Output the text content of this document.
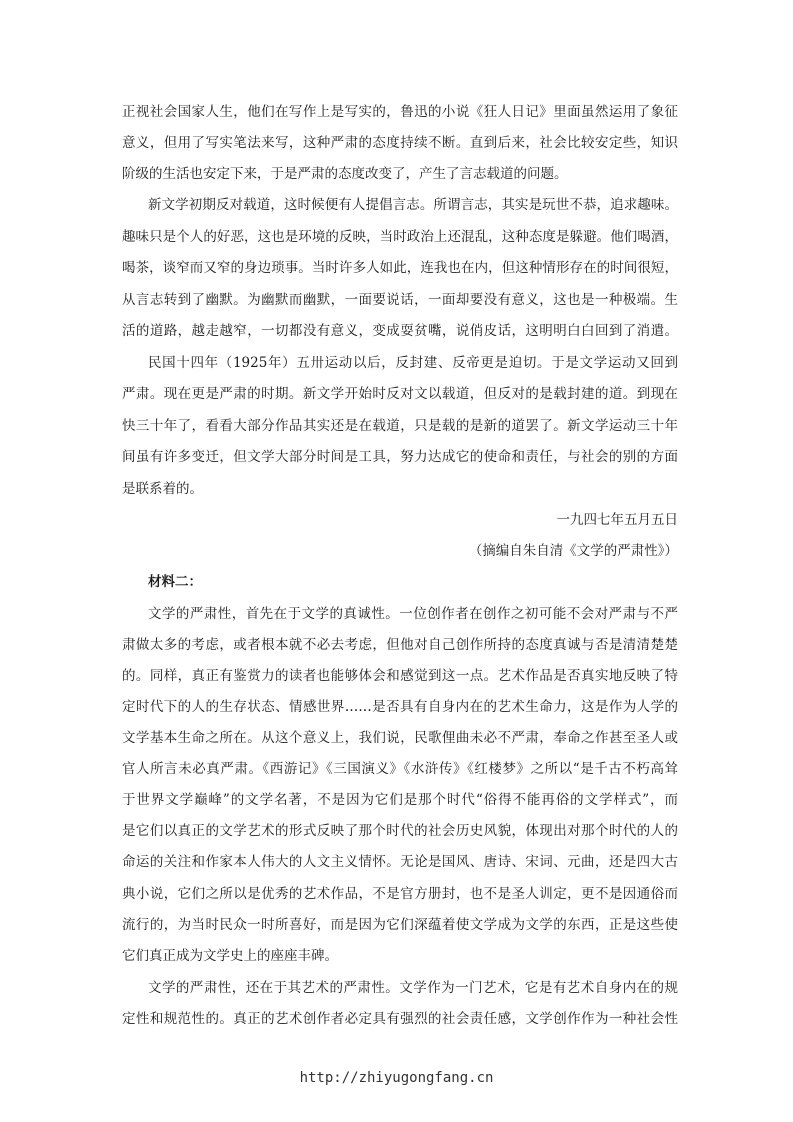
正视社会国家人生，他们在写作上是写实的，鲁迅的小说《狂人日记》里面虽然运用了象征
意义，但用了写实笔法来写，这种严肃的态度持续不断。直到后来，社会比较安定些，知识
阶级的生活也安定下来，于是严肃的态度改变了，产生了言志载道的问题。
新文学初期反对载道，这时候便有人提倡言志。所谓言志，其实是玩世不恭，追求趣味。
趣味只是个人的好恶，这也是环境的反映，当时政治上还混乱，这种态度是躲避。他们喝酒，
喝茶，谈窄而又窄的身边琐事。当时许多人如此，连我也在内，但这种情形存在的时间很短，
从言志转到了幽默。为幽默而幽默，一面要说话，一面却要没有意义，这也是一种极端。生
活的道路，越走越窄，一切都没有意义，变成耍贫嘴，说俏皮话，这明明白白回到了消遣。
民国十四年（1925年）五卅运动以后，反封建、反帝更是迫切。于是文学运动又回到
严肃。现在更是严肃的时期。新文学开始时反对文以载道，但反对的是载封建的道。到现在
快三十年了，看看大部分作品其实还是在载道，只是载的是新的道罢了。新文学运动三十年
间虽有许多变迁，但文学大部分时间是工具，努力达成它的使命和责任，与社会的别的方面
是联系着的。
一九四七年五月五日
（摘编自朱自清《文学的严肃性》）
材料二：
文学的严肃性，首先在于文学的真诚性。一位创作者在创作之初可能不会对严肃与不严
肃做太多的考虑，或者根本就不必去考虑，但他对自己创作所持的态度真诚与否是清清楚楚
的。同样，真正有鉴赏力的读者也能够体会和感觉到这一点。艺术作品是否真实地反映了特
定时代下的人的生存状态、情感世界……是否具有自身内在的艺术生命力，这是作为人学的
文学基本生命之所在。从这个意义上，我们说，民歌俚曲未必不严肃，奉命之作甚至圣人或
官人所言未必真严肃。《西游记》《三国演义》《水浒传》《红楼梦》之所以“是千古不朽高耸
于世界文学巅峰”的文学名著，不是因为它们是那个时代“俗得不能再俗的文学样式”，而
是它们以真正的文学艺术的形式反映了那个时代的社会历史风貌，体现出对那个时代的人的
命运的关注和作家本人伟大的人文主义情怀。无论是国风、唐诗、宋词、元曲，还是四大古
典小说，它们之所以是优秀的艺术作品，不是官方册封，也不是圣人训定，更不是因通俗而
流行的，为当时民众一时所喜好，而是因为它们深蕴着使文学成为文学的东西，正是这些使
它们真正成为文学史上的座座丰碑。
文学的严肃性，还在于其艺术的严肃性。文学作为一门艺术，它是有艺术自身内在的规
定性和规范性的。真正的艺术创作者必定具有强烈的社会责任感，文学创作作为一种社会性
http://zhiyugongfang.cn
